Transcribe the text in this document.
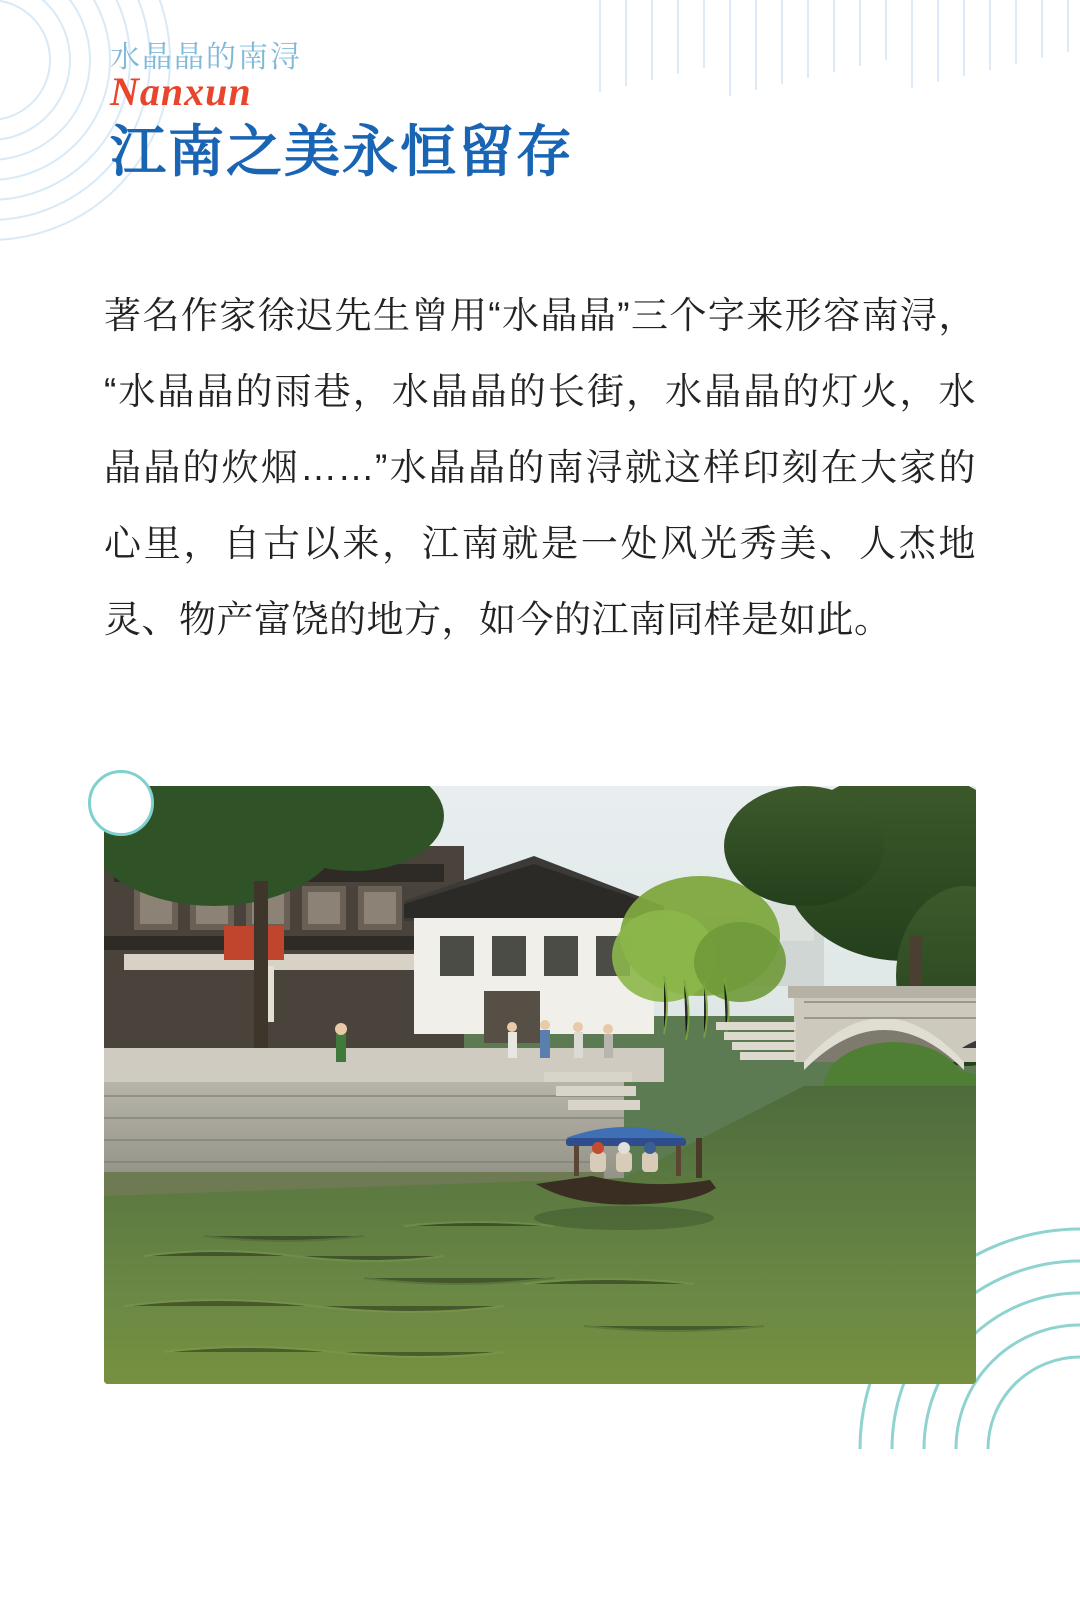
水晶晶的南浔
Nanxun
江南之美永恒留存
著名作家徐迟先生曾用“水晶晶”三个字来形容南浔，“水晶晶的雨巷，水晶晶的长街，水晶晶的灯火，水晶晶的炊烟……”水晶晶的南浔就这样印刻在大家的心里，自古以来，江南就是一处风光秀美、人杰地灵、物产富饶的地方，如今的江南同样是如此。
